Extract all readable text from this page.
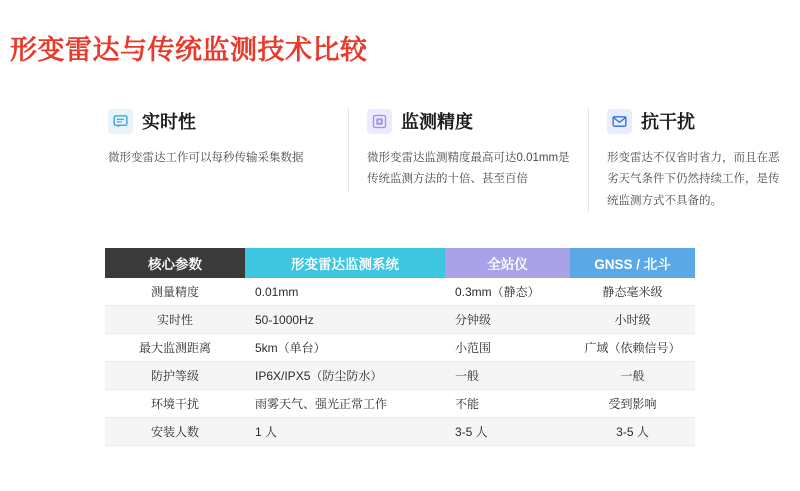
形变雷达与传统监测技术比较
实时性
微形变雷达工作可以每秒传输采集数据
监测精度
微形变雷达监测精度最高可达0.01mm是传统监测方法的十倍、甚至百倍
抗干扰
形变雷达不仅省时省力，而且在恶劣天气条件下仍然持续工作，是传统监测方式不具备的。
核心参数	形变雷达监测系统	全站仪	GNSS / 北斗
测量精度	0.01mm	0.3mm（静态）	静态毫米级
实时性	50-1000Hz	分钟级	小时级
最大监测距离	5km（单台）	小范围	广域（依赖信号）
防护等级	IP6X/IPX5（防尘防水）	一般	一般
环境干扰	雨雾天气、强光正常工作	不能	受到影响
安装人数	1 人	3-5 人	3-5 人
